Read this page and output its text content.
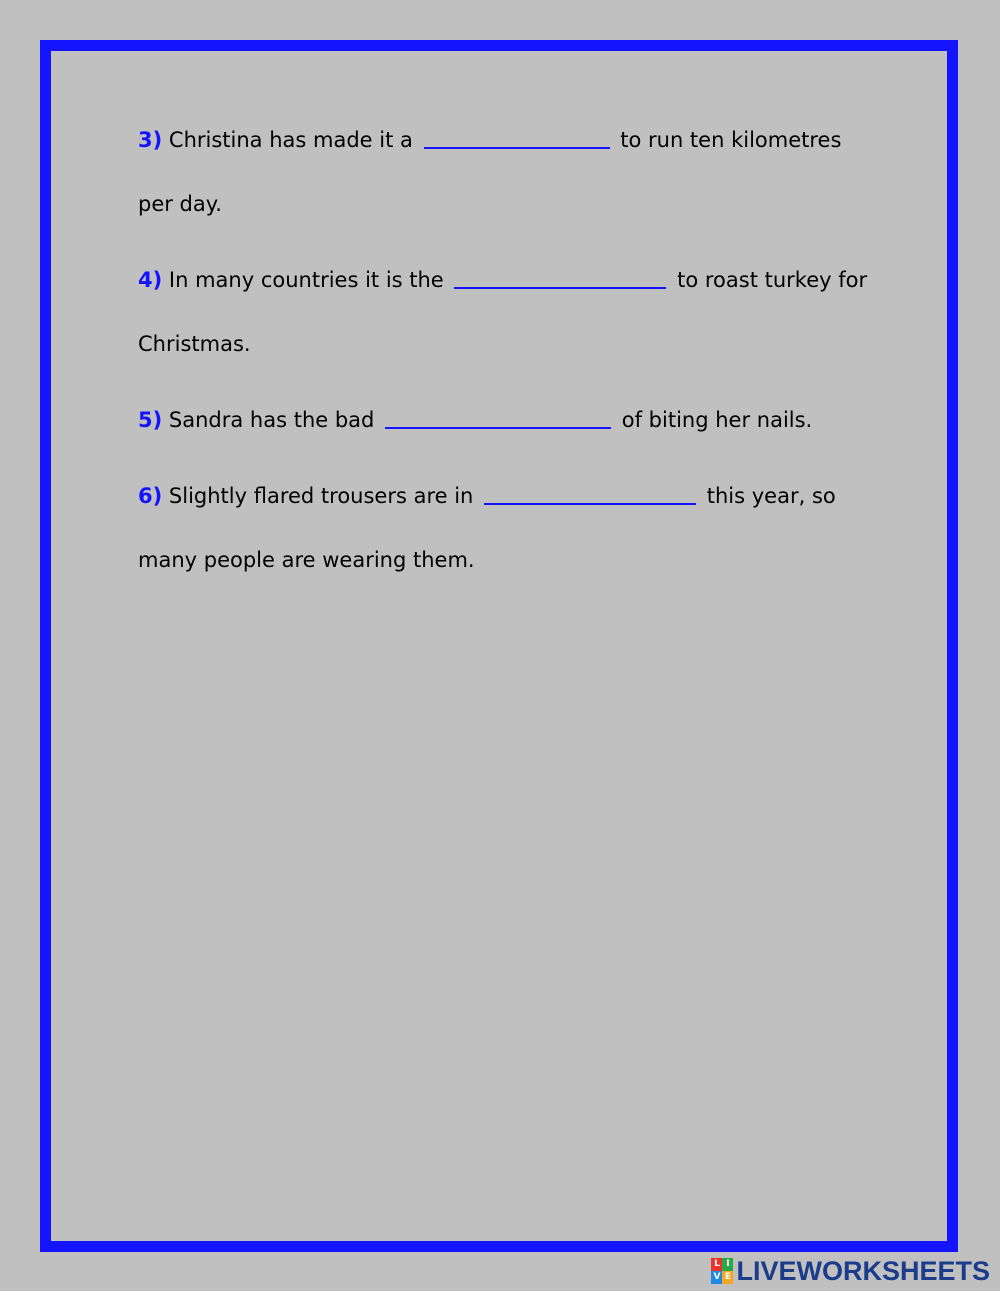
3) Christina has made it a	to run ten kilometres per day.

4) In many countries it is the	to roast turkey for Christmas.

5) Sandra has the bad	of biting her nails.

6) Slightly flared trousers are in	this year, so many people are wearing them.

L I
V E LIVEWORKSHEETS
